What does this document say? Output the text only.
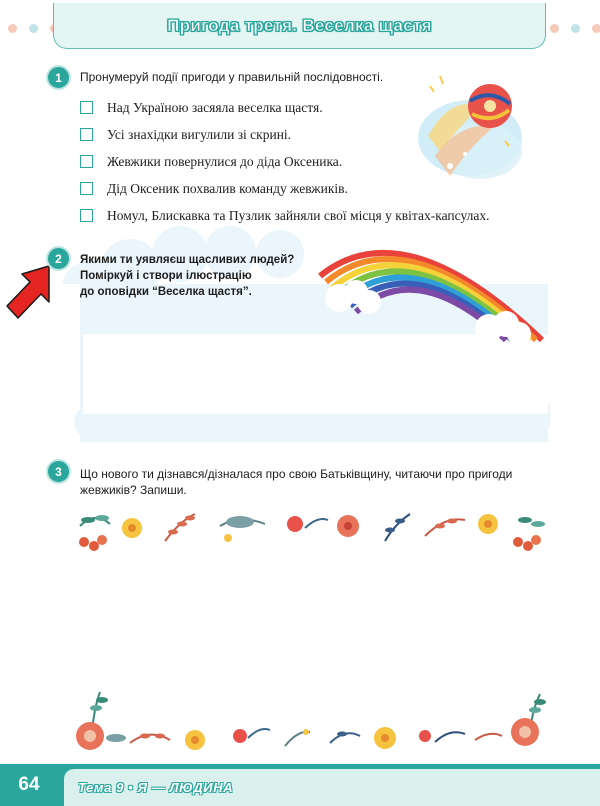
Пригода третя. Веселка щастя
1	Пронумеруй події пригоди у правильній послідовності.
Над Україною засяяла веселка щастя.
Усі знахідки вигулили зі скрині.
Жевжики повернулися до діда Оксеника.
Дід Оксеник похвалив команду жевжиків.
Номул, Блискавка та Пузлик зайняли свої місця у квітах-капсулах.
2	Якими ти уявляєш щасливих людей?
Поміркуй і створи ілюстрацію
до оповідки “Веселка щастя”.
3	Що нового ти дізнався/дізналася про свою Батьківщину, читаючи про пригоди
жевжиків? Запиши.
64	Тема 9 • Я — ЛЮДИНА
